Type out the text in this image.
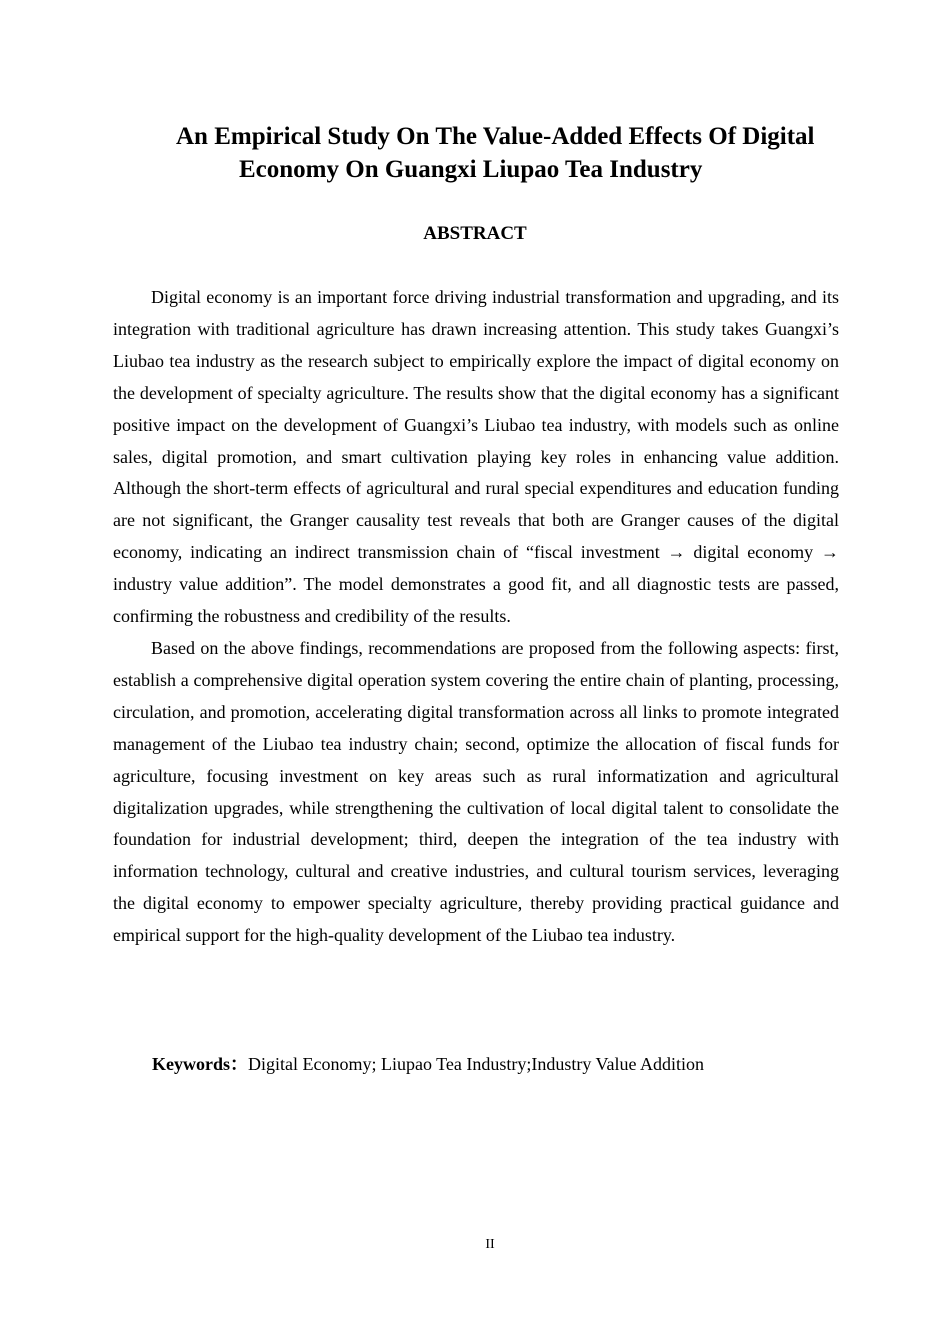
An Empirical Study On The Value-Added Effects Of Digital
Economy On Guangxi Liupao Tea Industry
ABSTRACT

Digital economy is an important force driving industrial transformation and upgrading, and its integration with traditional agriculture has drawn increasing attention. This study takes Guangxi’s Liubao tea industry as the research subject to empirically explore the impact of digital economy on the development of specialty agriculture. The results show that the digital economy has a significant positive impact on the development of Guangxi’s Liubao tea industry, with models such as online sales, digital promotion, and smart cultivation playing key roles in enhancing value addition. Although the short-term effects of agricultural and rural special expenditures and education funding are not significant, the Granger causality test reveals that both are Granger causes of the digital economy, indicating an indirect transmission chain of “fiscal investment → digital economy → industry value addition”. The model demonstrates a good fit, and all diagnostic tests are passed, confirming the robustness and credibility of the results.

Based on the above findings, recommendations are proposed from the following aspects: first, establish a comprehensive digital operation system covering the entire chain of planting, processing, circulation, and promotion, accelerating digital transformation across all links to promote integrated management of the Liubao tea industry chain; second, optimize the allocation of fiscal funds for agriculture, focusing investment on key areas such as rural informatization and agricultural digitalization upgrades, while strengthening the cultivation of local digital talent to consolidate the foundation for industrial development; third, deepen the integration of the tea industry with information technology, cultural and creative industries, and cultural tourism services, leveraging the digital economy to empower specialty agriculture, thereby providing practical guidance and empirical support for the high-quality development of the Liubao tea industry.

Keywords：Digital Economy; Liupao Tea Industry;Industry Value Addition
II
